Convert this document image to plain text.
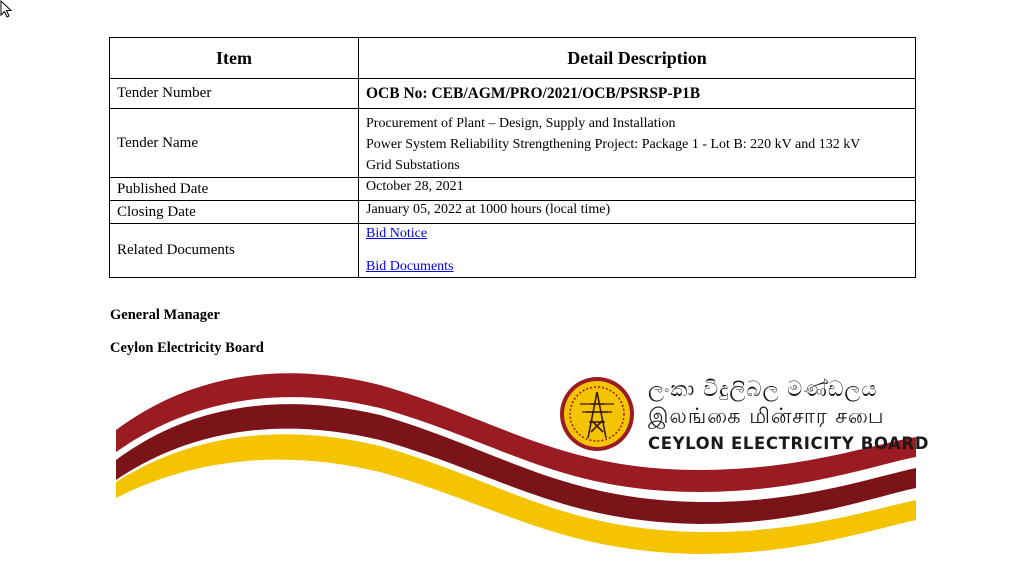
Item	Detail Description
Tender Number	OCB No: CEB/AGM/PRO/2021/OCB/PSRSP-P1B
Tender Name	Procurement of Plant – Design, Supply and Installation
Power System Reliability Strengthening Project: Package 1 - Lot B: 220 kV and 132 kV
Grid Substations

Published Date	October 28, 2021
Closing Date	January 05, 2022 at 1000 hours (local time)
Related Documents	Bid Notice
Bid Documents
General Manager
Ceylon Electricity Board
ලංකා විදුලිබල මණ්ඩලය
இலங்கை மின்சார சபை
CEYLON ELECTRICITY BOARD
